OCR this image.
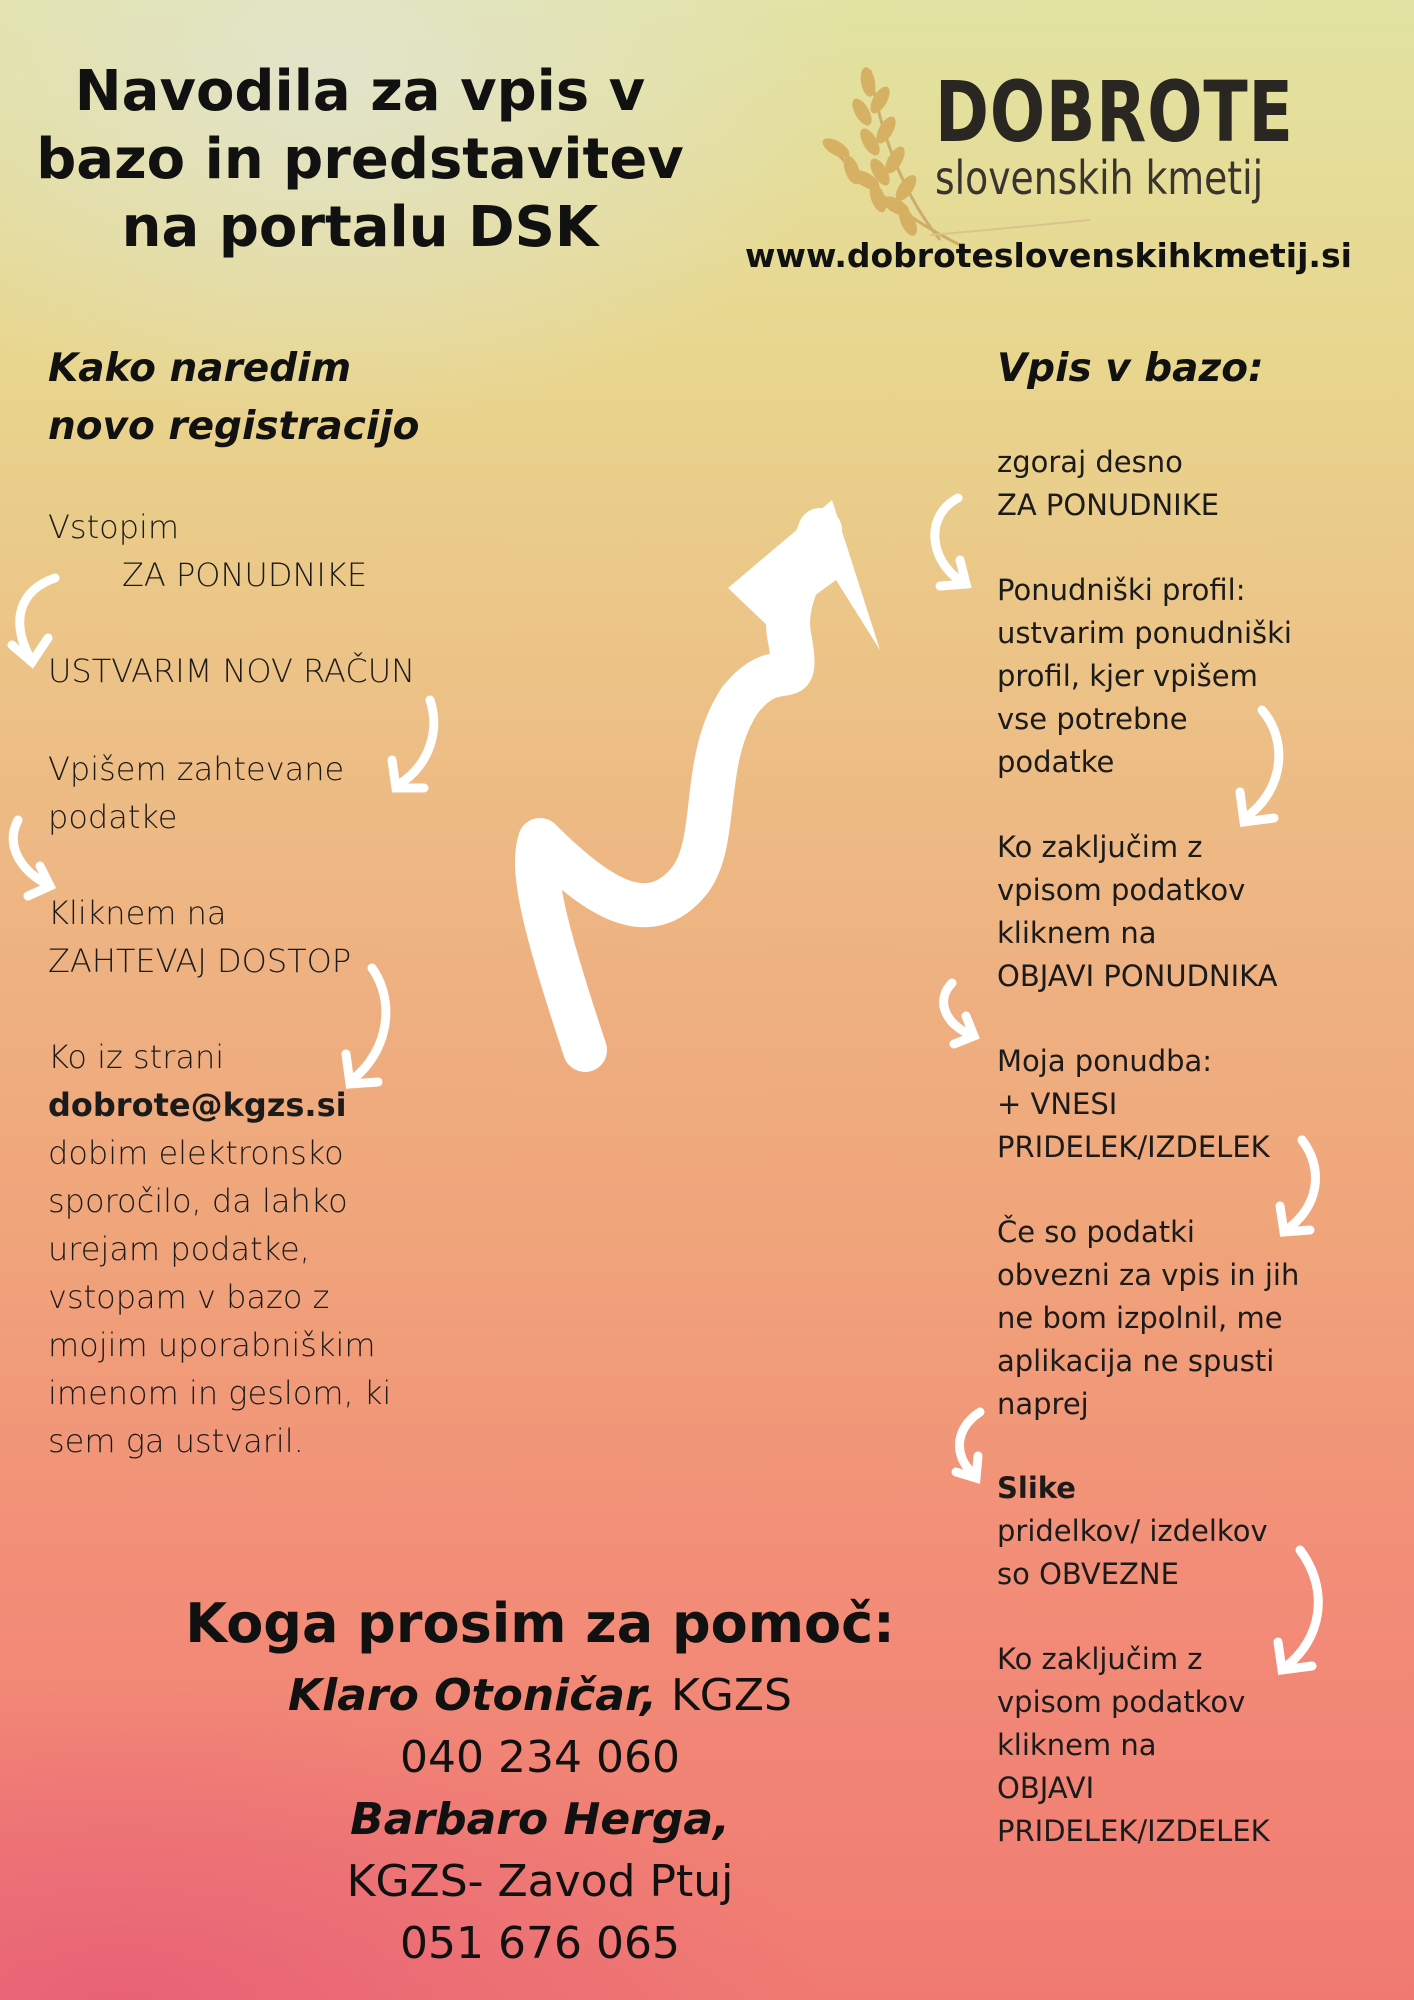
Navodila za vpis v
bazo in predstavitev
na portalu DSK
DOBROTE
slovenskih kmetij
www.dobroteslovenskihkmetij.si
Kako naredim
novo registracijo
Vstopim
ZA PONUDNIKE
USTVARIM NOV RAČUN
Vpišem zahtevane
podatke
Kliknem na
ZAHTEVAJ DOSTOP
Ko iz strani
dobrote@kgzs.si
dobim elektronsko
sporočilo, da lahko
urejam podatke,
vstopam v bazo z
mojim uporabniškim
imenom in geslom, ki
sem ga ustvaril.
Vpis v bazo:
zgoraj desno
ZA PONUDNIKE
Ponudniški profil:
ustvarim ponudniški
profil, kjer vpišem
vse potrebne
podatke
Ko zaključim z
vpisom podatkov
kliknem na
OBJAVI PONUDNIKA
Moja ponudba:
+ VNESI
PRIDELEK/IZDELEK
Če so podatki
obvezni za vpis in jih
ne bom izpolnil, me
aplikacija ne spusti
naprej
Slike
pridelkov/ izdelkov
so OBVEZNE
Ko zaključim z
vpisom podatkov
kliknem na
OBJAVI
PRIDELEK/IZDELEK
Koga prosim za pomoč:
Klaro Otoničar, KGZS
040 234 060
Barbaro Herga,
KGZS- Zavod Ptuj
051 676 065
